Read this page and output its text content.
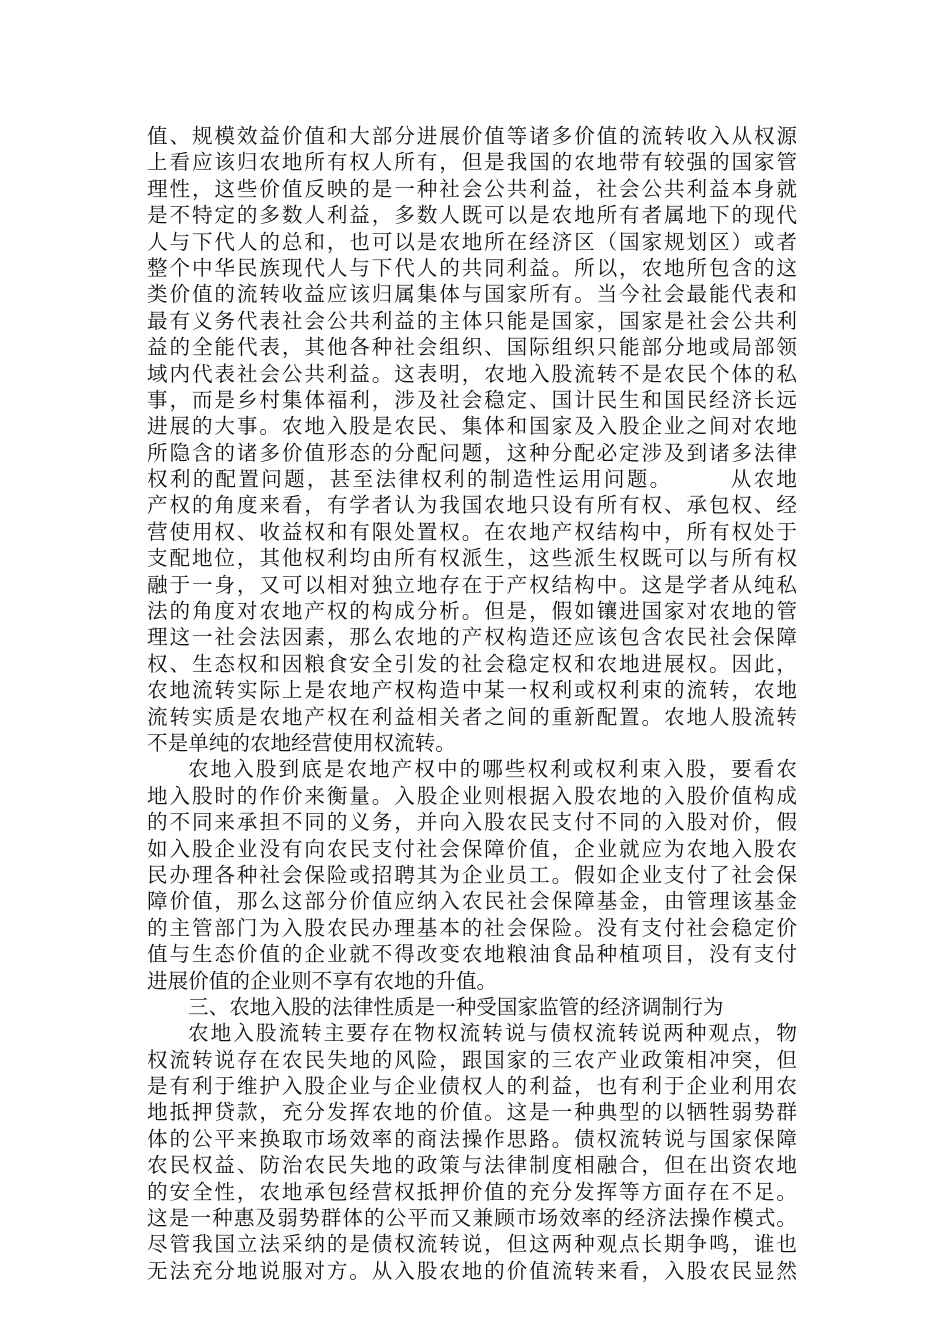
值、规模效益价值和大部分进展价值等诸多价值的流转收入从权源
上看应该归农地所有权人所有，但是我国的农地带有较强的国家管
理性，这些价值反映的是一种社会公共利益，社会公共利益本身就
是不特定的多数人利益，多数人既可以是农地所有者属地下的现代
人与下代人的总和，也可以是农地所在经济区（国家规划区）或者
整个中华民族现代人与下代人的共同利益。所以，农地所包含的这
类价值的流转收益应该归属集体与国家所有。当今社会最能代表和
最有义务代表社会公共利益的主体只能是国家，国家是社会公共利
益的全能代表，其他各种社会组织、国际组织只能部分地或局部领
域内代表社会公共利益。这表明，农地入股流转不是农民个体的私
事，而是乡村集体福利，涉及社会稳定、国计民生和国民经济长远
进展的大事。农地入股是农民、集体和国家及入股企业之间对农地
所隐含的诸多价值形态的分配问题，这种分配必定涉及到诸多法律
权利的配置问题，甚至法律权利的制造性运用问题。　　　从农地
产权的角度来看，有学者认为我国农地只设有所有权、承包权、经
营使用权、收益权和有限处置权。在农地产权结构中，所有权处于
支配地位，其他权利均由所有权派生，这些派生权既可以与所有权
融于一身，又可以相对独立地存在于产权结构中。这是学者从纯私
法的角度对农地产权的构成分析。但是，假如镶进国家对农地的管
理这一社会法因素，那么农地的产权构造还应该包含农民社会保障
权、生态权和因粮食安全引发的社会稳定权和农地进展权。因此，
农地流转实际上是农地产权构造中某一权利或权利束的流转，农地
流转实质是农地产权在利益相关者之间的重新配置。农地人股流转
不是单纯的农地经营使用权流转。
农地入股到底是农地产权中的哪些权利或权利束入股，要看农
地入股时的作价来衡量。入股企业则根据入股农地的入股价值构成
的不同来承担不同的义务，并向入股农民支付不同的入股对价，假
如入股企业没有向农民支付社会保障价值，企业就应为农地入股农
民办理各种社会保险或招聘其为企业员工。假如企业支付了社会保
障价值，那么这部分价值应纳入农民社会保障基金，由管理该基金
的主管部门为入股农民办理基本的社会保险。没有支付社会稳定价
值与生态价值的企业就不得改变农地粮油食品种植项目，没有支付
进展价值的企业则不享有农地的升值。
三、农地入股的法律性质是一种受国家监管的经济调制行为
农地入股流转主要存在物权流转说与债权流转说两种观点，物
权流转说存在农民失地的风险，跟国家的三农产业政策相冲突，但
是有利于维护入股企业与企业债权人的利益，也有利于企业利用农
地抵押贷款，充分发挥农地的价值。这是一种典型的以牺牲弱势群
体的公平来换取市场效率的商法操作思路。债权流转说与国家保障
农民权益、防治农民失地的政策与法律制度相融合，但在出资农地
的安全性，农地承包经营权抵押价值的充分发挥等方面存在不足。
这是一种惠及弱势群体的公平而又兼顾市场效率的经济法操作模式。
尽管我国立法采纳的是债权流转说，但这两种观点长期争鸣，谁也
无法充分地说服对方。从入股农地的价值流转来看，入股农民显然
